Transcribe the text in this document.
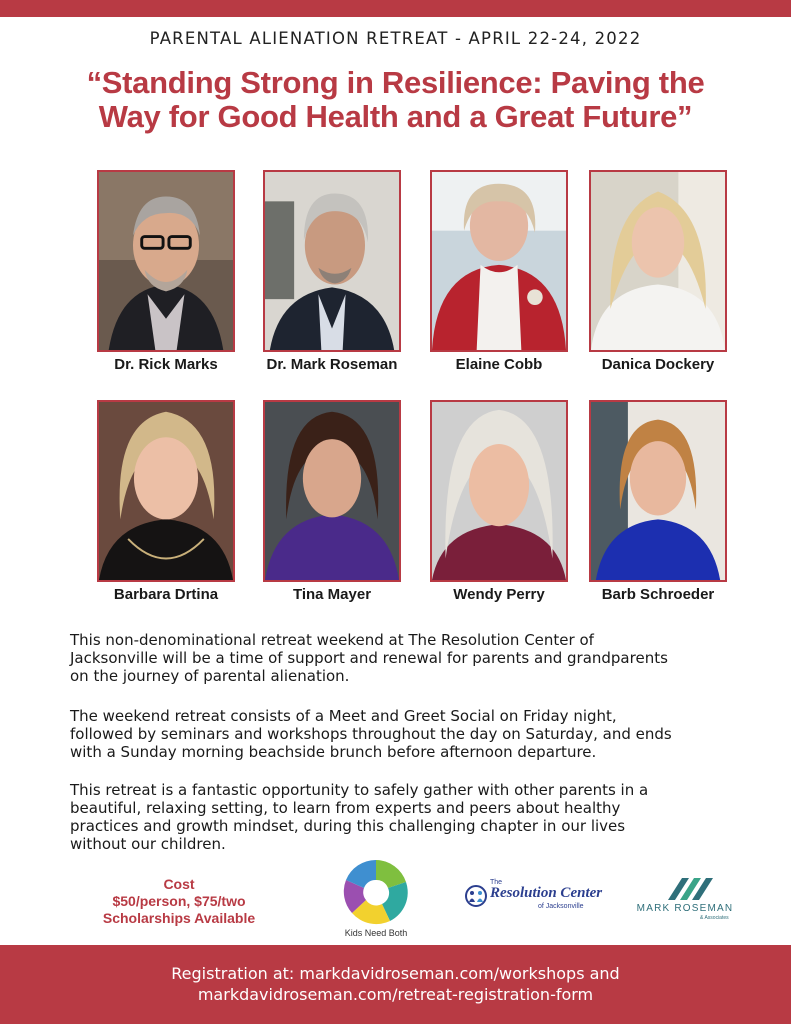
PARENTAL ALIENATION RETREAT - APRIL 22-24, 2022
“Standing Strong in Resilience: Paving the
Way for Good Health and a Great Future”
Dr. Rick Marks	Dr. Mark Roseman	Elaine Cobb	Danica Dockery
Barbara Drtina	Tina Mayer	Wendy Perry	Barb Schroeder
This non-denominational retreat weekend at The Resolution Center of
Jacksonville will be a time of support and renewal for parents and grandparents
on the journey of parental alienation.
The weekend retreat consists of a Meet and Greet Social on Friday night,
followed by seminars and workshops throughout the day on Saturday, and ends
with a Sunday morning beachside brunch before afternoon departure.
This retreat is a fantastic opportunity to safely gather with other parents in a
beautiful, relaxing setting, to learn from experts and peers about healthy
practices and growth mindset, during this challenging chapter in our lives
without our children.
Cost
$50/person, $75/two
Scholarships Available
Kids Need Both
The
Resolution Center
of Jacksonville	MARK ROSEMAN
& Associates
Registration at: markdavidroseman.com/workshops and
markdavidroseman.com/retreat-registration-form
